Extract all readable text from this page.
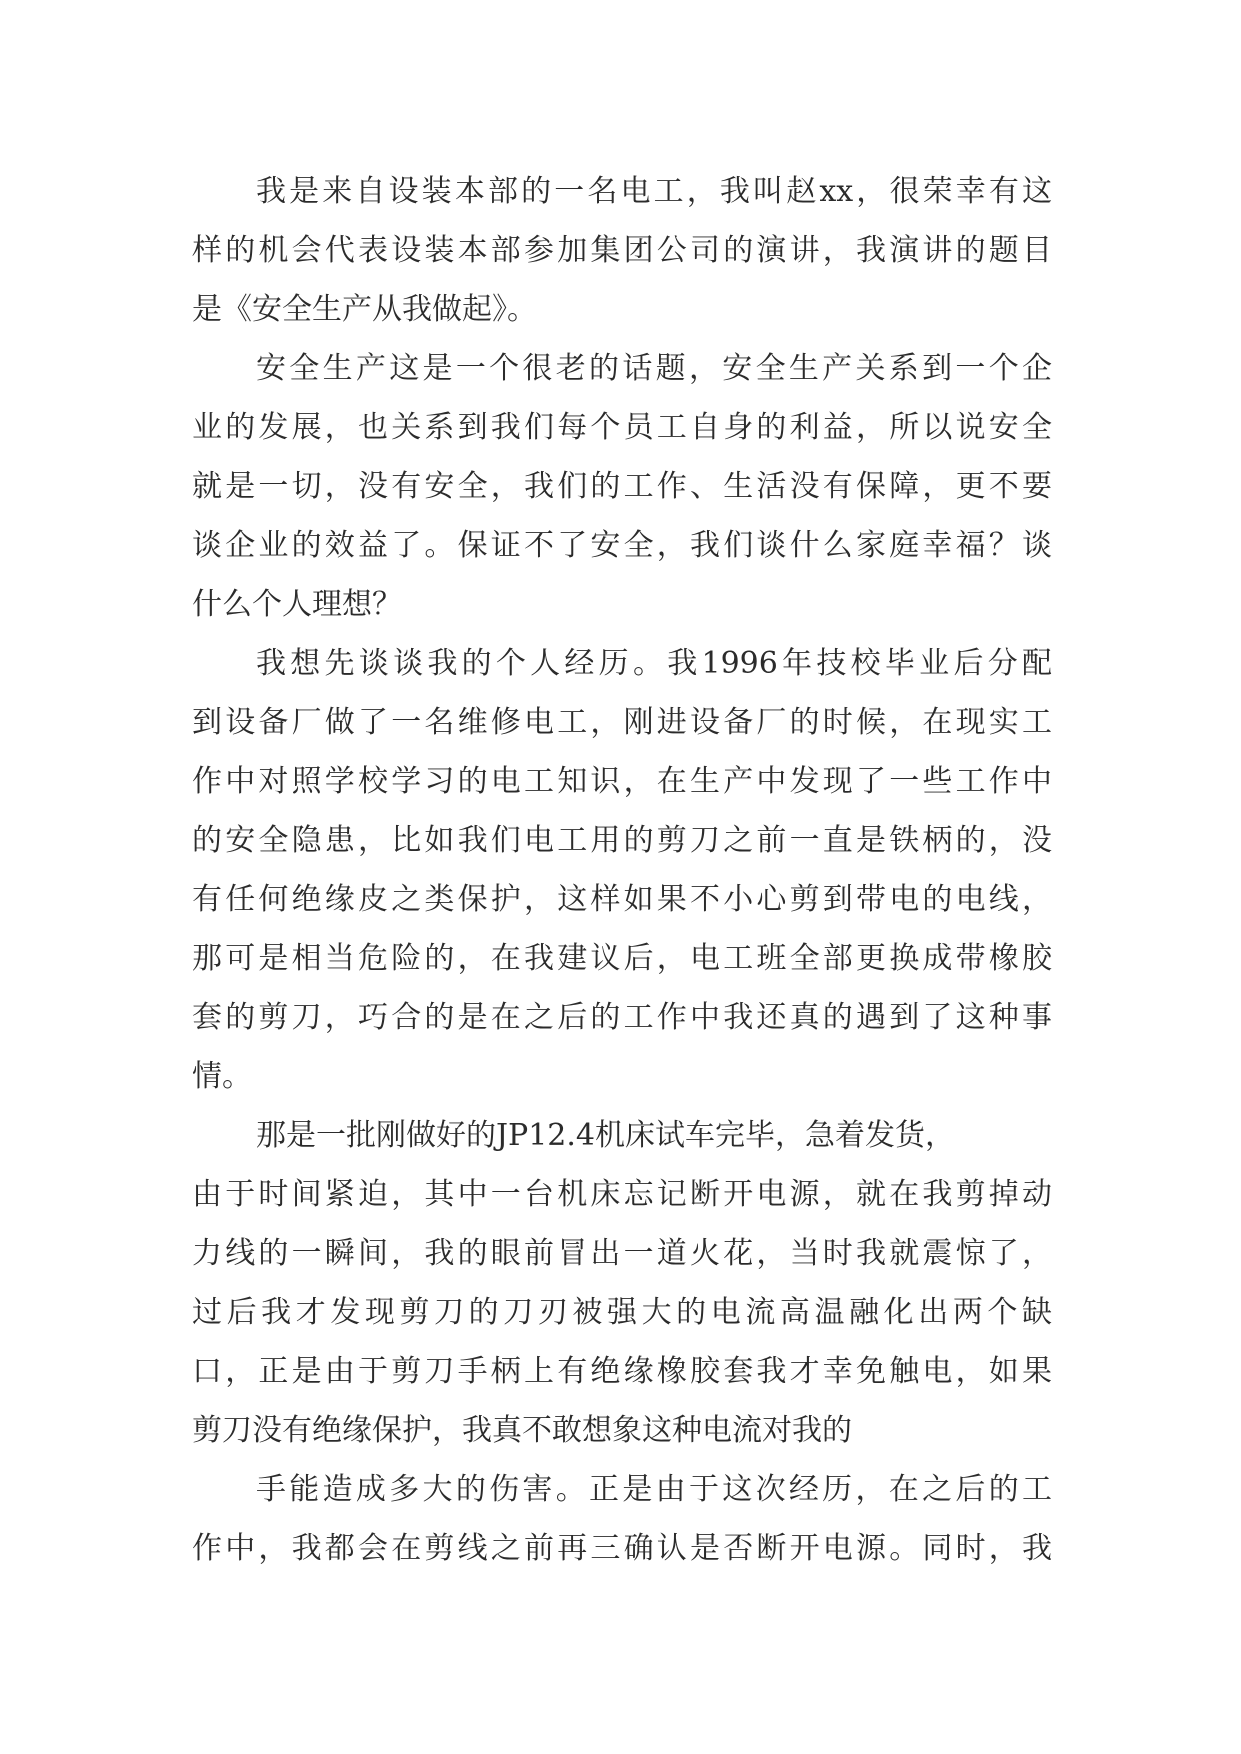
我是来自设装本部的一名电工，我叫赵xx，很荣幸有这
样的机会代表设装本部参加集团公司的演讲，我演讲的题目
是《安全生产从我做起》。
安全生产这是一个很老的话题，安全生产关系到一个企
业的发展，也关系到我们每个员工自身的利益，所以说安全
就是一切，没有安全，我们的工作、生活没有保障，更不要
谈企业的效益了。保证不了安全，我们谈什么家庭幸福？谈
什么个人理想？
我想先谈谈我的个人经历。我1996年技校毕业后分配
到设备厂做了一名维修电工，刚进设备厂的时候，在现实工
作中对照学校学习的电工知识，在生产中发现了一些工作中
的安全隐患，比如我们电工用的剪刀之前一直是铁柄的，没
有任何绝缘皮之类保护，这样如果不小心剪到带电的电线，
那可是相当危险的，在我建议后，电工班全部更换成带橡胶
套的剪刀，巧合的是在之后的工作中我还真的遇到了这种事
情。
那是一批刚做好的JP12.4机床试车完毕，急着发货，
由于时间紧迫，其中一台机床忘记断开电源，就在我剪掉动
力线的一瞬间，我的眼前冒出一道火花，当时我就震惊了，
过后我才发现剪刀的刀刃被强大的电流高温融化出两个缺
口，正是由于剪刀手柄上有绝缘橡胶套我才幸免触电，如果
剪刀没有绝缘保护，我真不敢想象这种电流对我的
手能造成多大的伤害。正是由于这次经历，在之后的工
作中，我都会在剪线之前再三确认是否断开电源。同时，我
